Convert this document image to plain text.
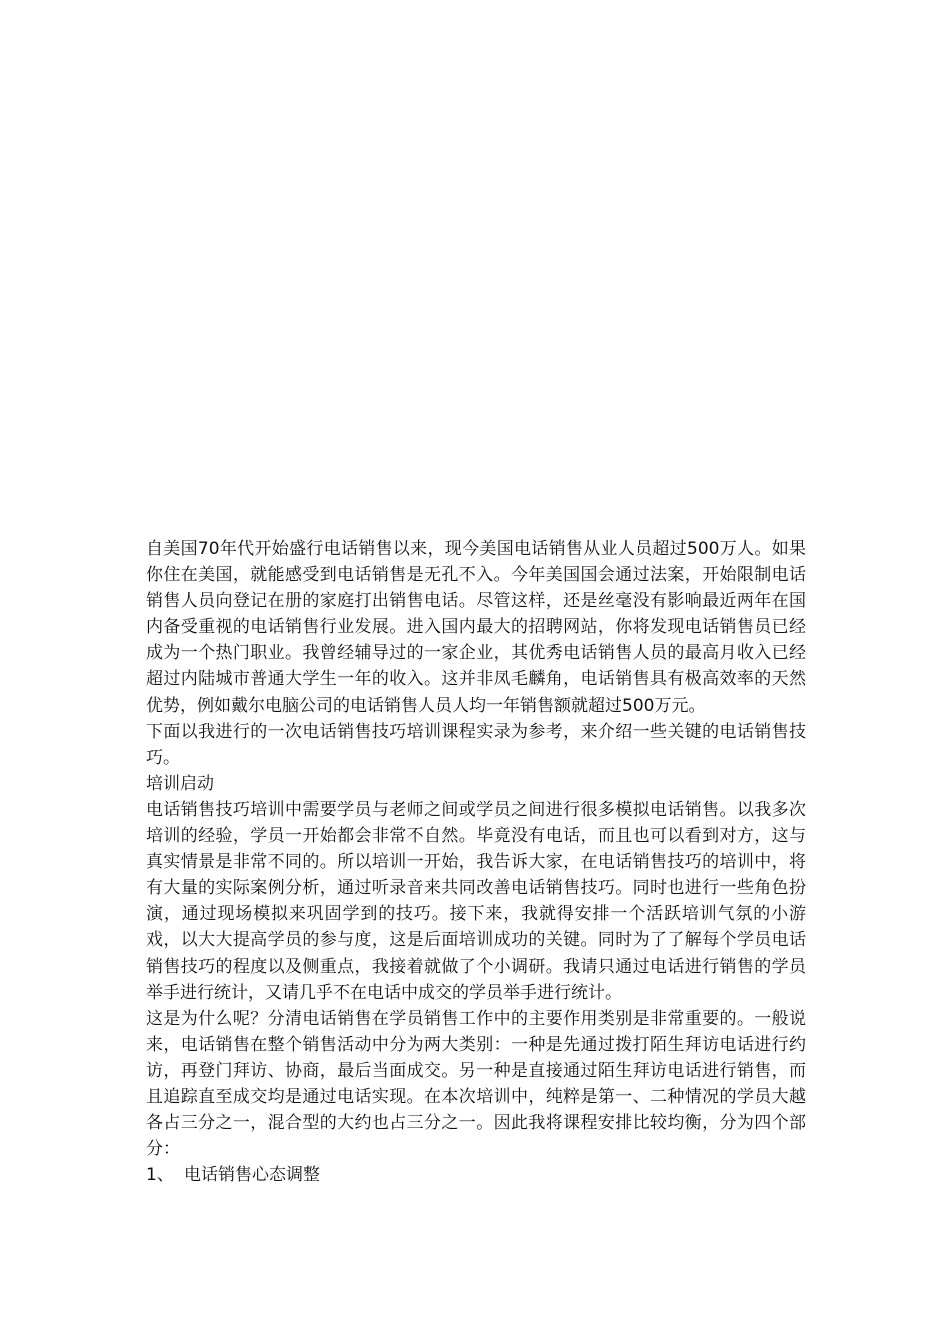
自美国70年代开始盛行电话销售以来，现今美国电话销售从业人员超过500万人。如果你住在美国，就能感受到电话销售是无孔不入。今年美国国会通过法案，开始限制电话销售人员向登记在册的家庭打出销售电话。尽管这样，还是丝毫没有影响最近两年在国内备受重视的电话销售行业发展。进入国内最大的招聘网站，你将发现电话销售员已经成为一个热门职业。我曾经辅导过的一家企业，其优秀电话销售人员的最高月收入已经超过内陆城市普通大学生一年的收入。这并非凤毛麟角，电话销售具有极高效率的天然优势，例如戴尔电脑公司的电话销售人员人均一年销售额就超过500万元。

下面以我进行的一次电话销售技巧培训课程实录为参考，来介绍一些关键的电话销售技巧。

培训启动

电话销售技巧培训中需要学员与老师之间或学员之间进行很多模拟电话销售。以我多次培训的经验，学员一开始都会非常不自然。毕竟没有电话，而且也可以看到对方，这与真实情景是非常不同的。所以培训一开始，我告诉大家，在电话销售技巧的培训中，将有大量的实际案例分析，通过听录音来共同改善电话销售技巧。同时也进行一些角色扮演，通过现场模拟来巩固学到的技巧。接下来，我就得安排一个活跃培训气氛的小游戏，以大大提高学员的参与度，这是后面培训成功的关键。同时为了了解每个学员电话销售技巧的程度以及侧重点，我接着就做了个小调研。我请只通过电话进行销售的学员举手进行统计，又请几乎不在电话中成交的学员举手进行统计。

这是为什么呢？分清电话销售在学员销售工作中的主要作用类别是非常重要的。一般说来，电话销售在整个销售活动中分为两大类别：一种是先通过拨打陌生拜访电话进行约访，再登门拜访、协商，最后当面成交。另一种是直接通过陌生拜访电话进行销售，而且追踪直至成交均是通过电话实现。在本次培训中，纯粹是第一、二种情况的学员大越各占三分之一，混合型的大约也占三分之一。因此我将课程安排比较均衡，分为四个部分：

1、 电话销售心态调整
